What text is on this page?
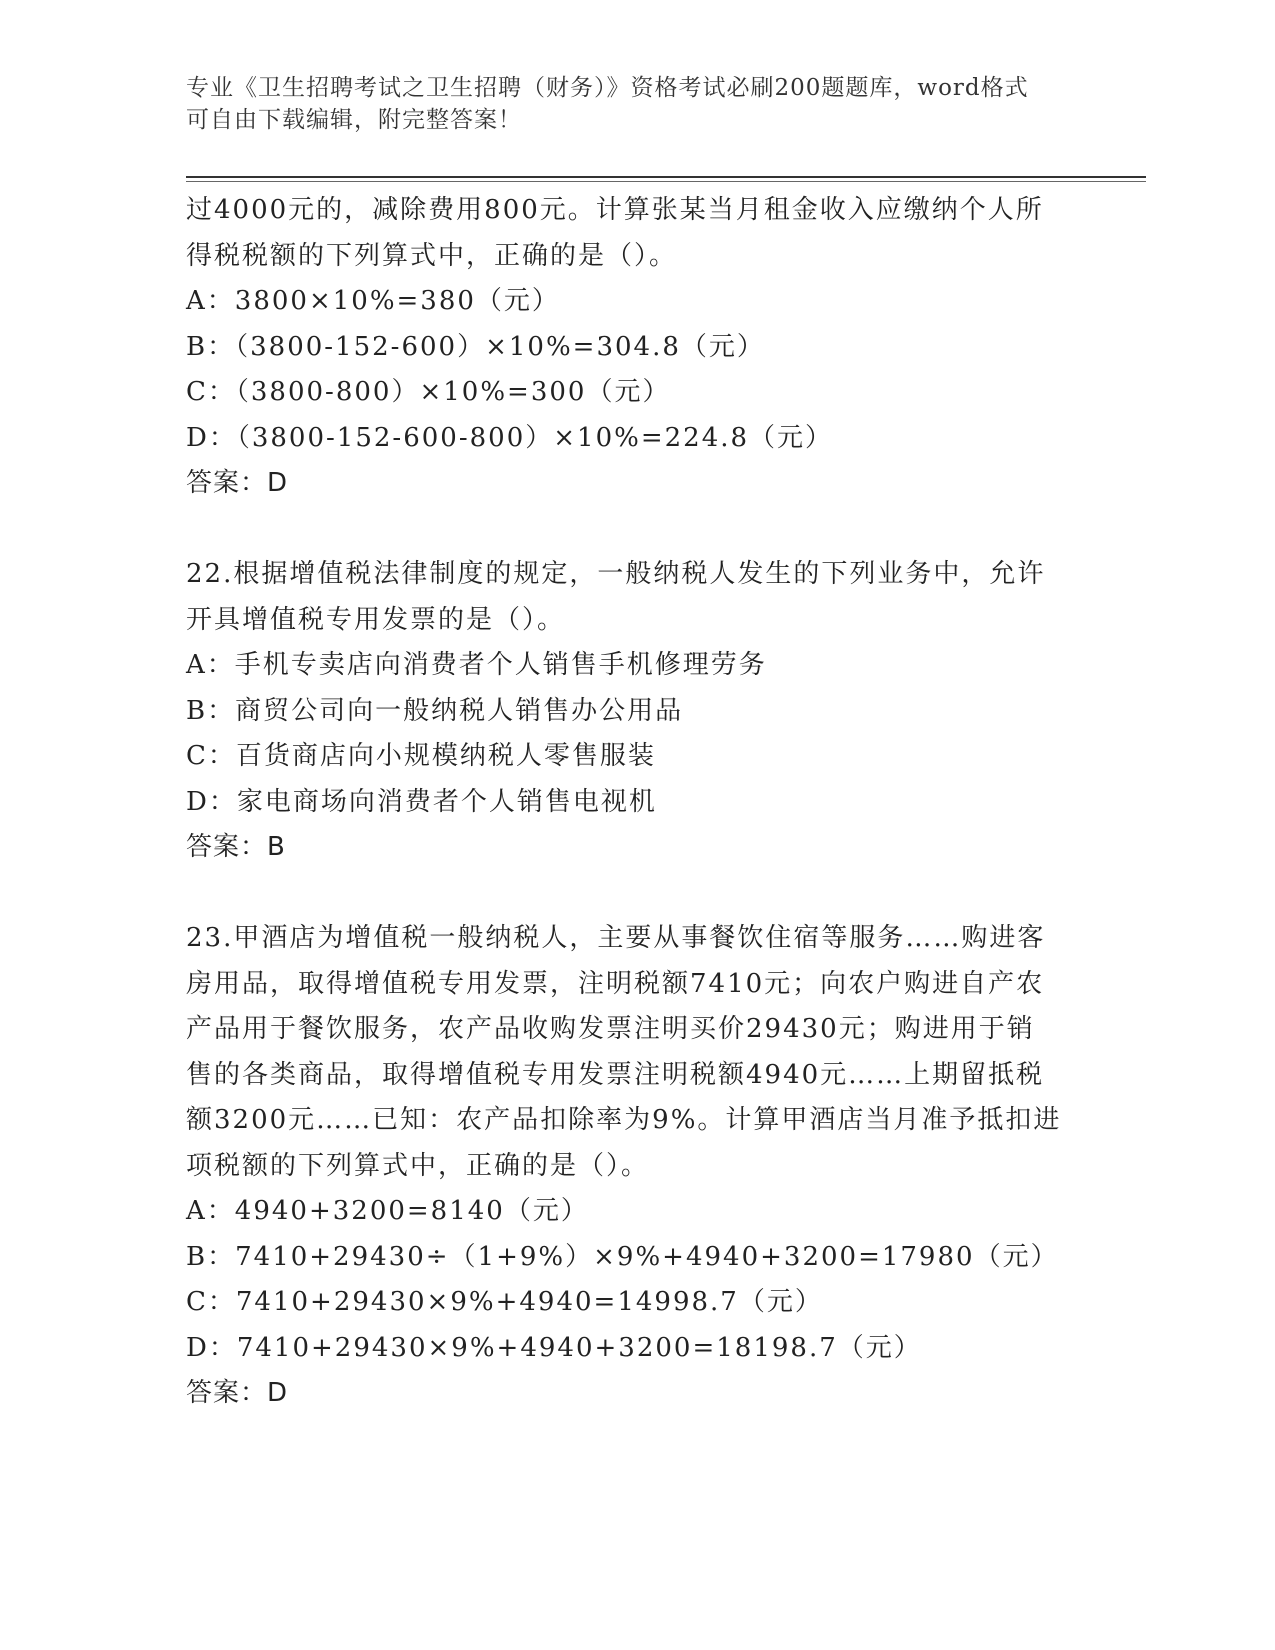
专业《卫生招聘考试之卫生招聘（财务）》资格考试必刷200题题库，word格式
可自由下载编辑，附完整答案！
过4000元的，减除费用800元。计算张某当月租金收入应缴纳个人所
得税税额的下列算式中，正确的是（）。
A：3800×10%=380（元）
B：（3800-152-600）×10%=304.8（元）
C：（3800-800）×10%=300（元）
D：（3800-152-600-800）×10%=224.8（元）
答案：D
22.根据增值税法律制度的规定，一般纳税人发生的下列业务中，允许
开具增值税专用发票的是（）。
A：手机专卖店向消费者个人销售手机修理劳务
B：商贸公司向一般纳税人销售办公用品
C：百货商店向小规模纳税人零售服装
D：家电商场向消费者个人销售电视机
答案：B
23.甲酒店为增值税一般纳税人，主要从事餐饮住宿等服务……购进客
房用品，取得增值税专用发票，注明税额7410元；向农户购进自产农
产品用于餐饮服务，农产品收购发票注明买价29430元；购进用于销
售的各类商品，取得增值税专用发票注明税额4940元……上期留抵税
额3200元……已知：农产品扣除率为9%。计算甲酒店当月准予抵扣进
项税额的下列算式中，正确的是（）。
A：4940+3200=8140（元）
B：7410+29430÷（1+9%）×9%+4940+3200=17980（元）
C：7410+29430×9%+4940=14998.7（元）
D：7410+29430×9%+4940+3200=18198.7（元）
答案：D
